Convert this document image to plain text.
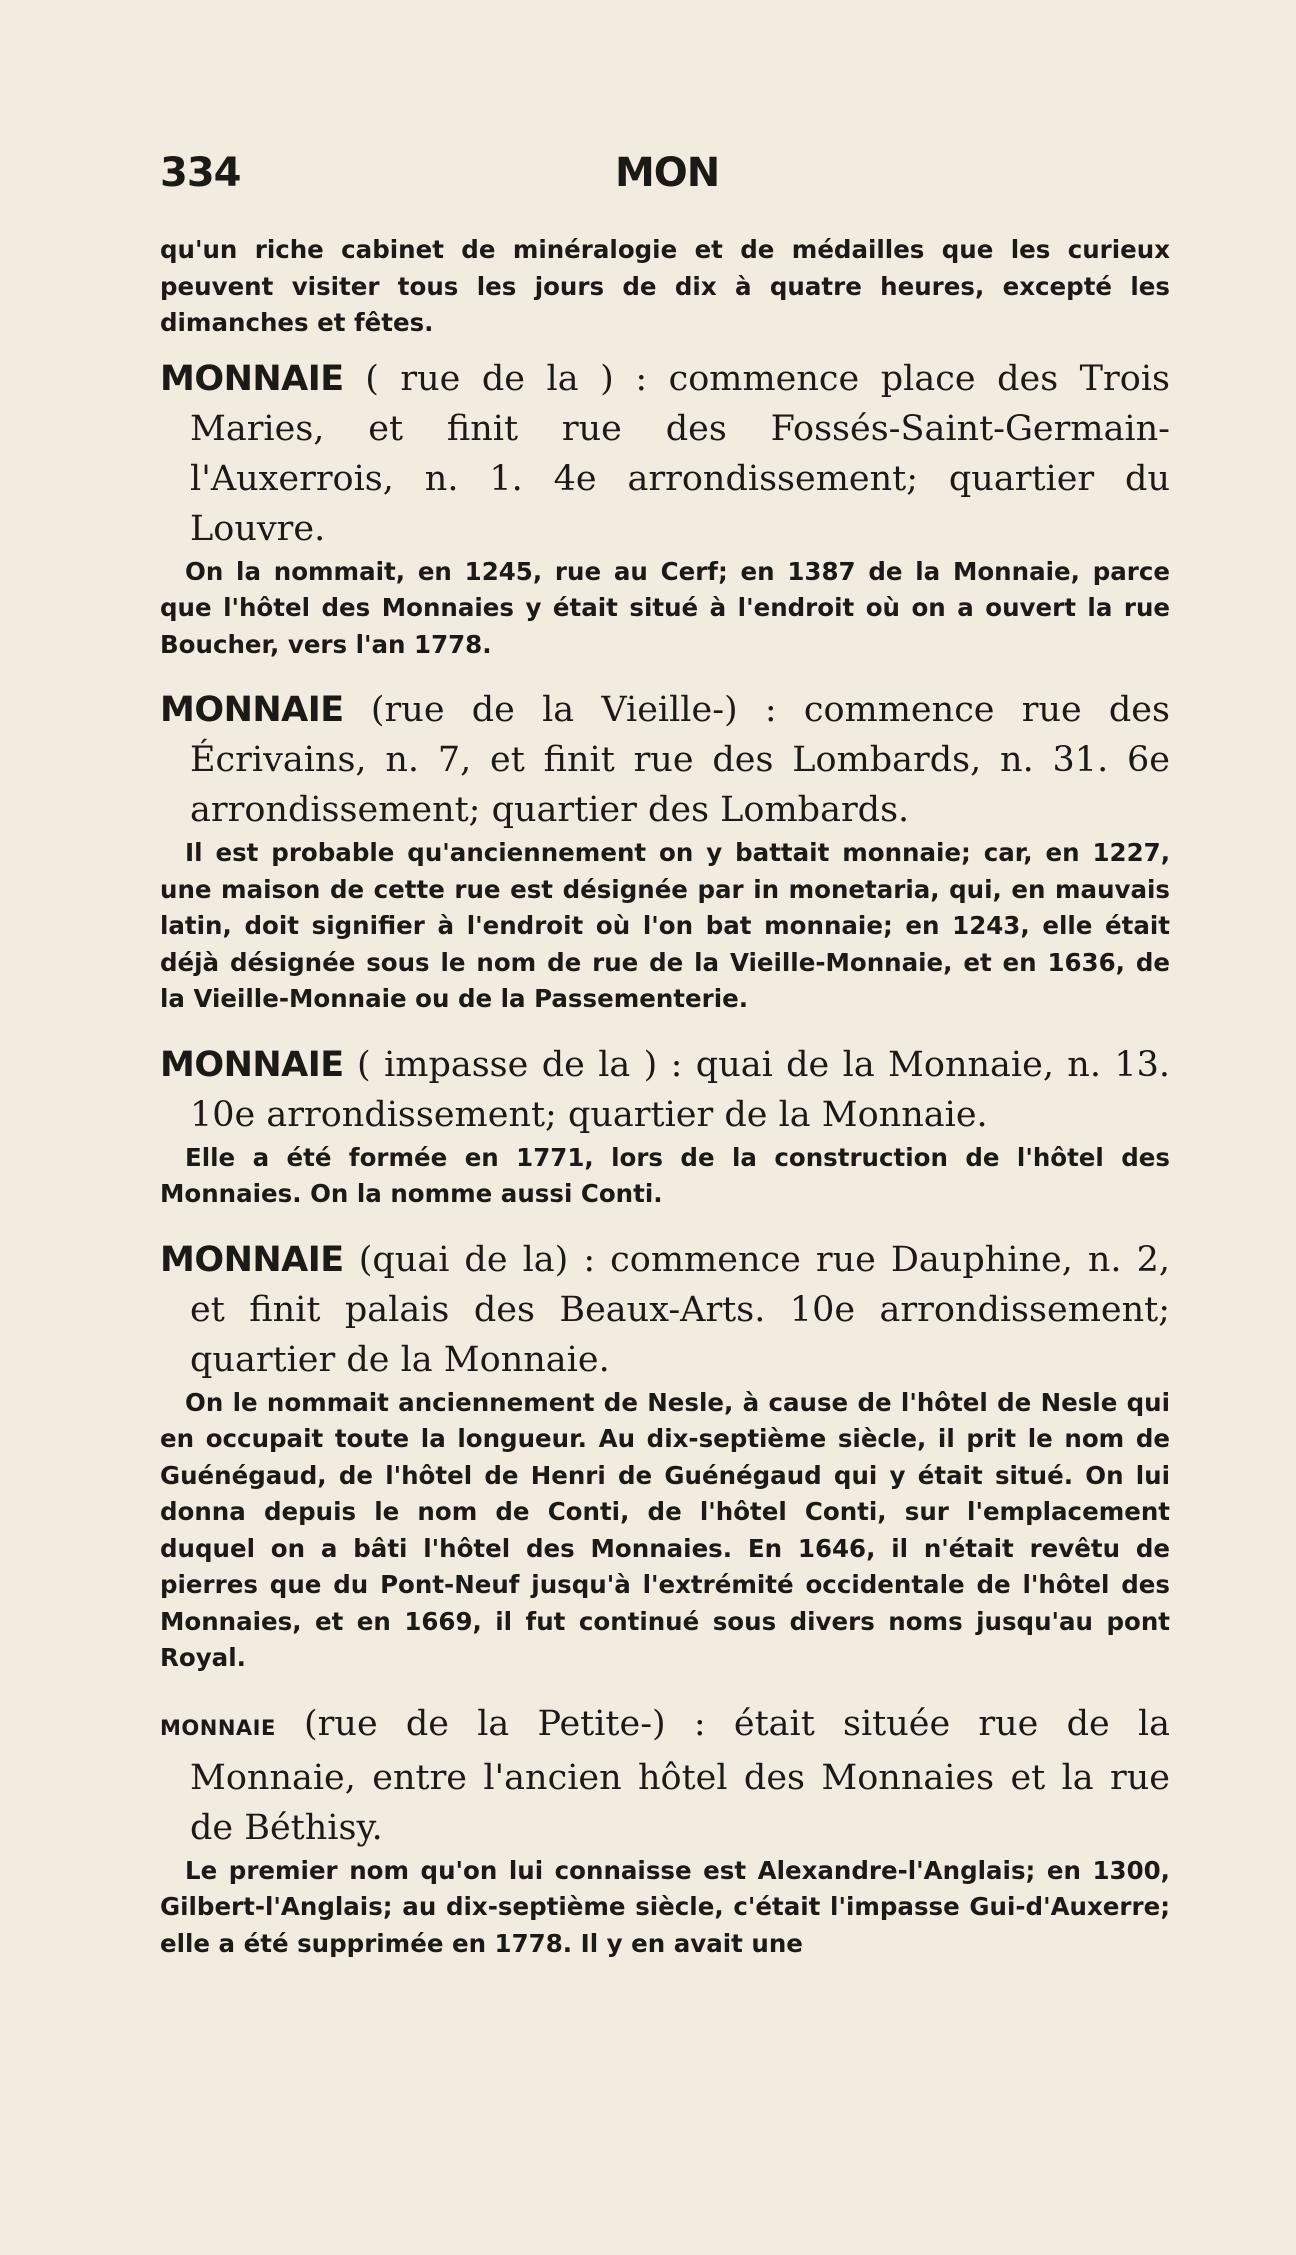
334	MON

qu'un riche cabinet de minéralogie et de médailles que les curieux peuvent visiter tous les jours de dix à quatre heures, excepté les dimanches et fêtes.

MONNAIE ( rue de la ) : commence place des Trois Maries, et finit rue des Fossés-Saint-Germain-l'Auxerrois, n. 1. 4e arrondissement; quartier du Louvre.

On la nommait, en 1245, rue au Cerf; en 1387 de la Monnaie, parce que l'hôtel des Monnaies y était situé à l'endroit où on a ouvert la rue Boucher, vers l'an 1778.

MONNAIE (rue de la Vieille-) : commence rue des Écrivains, n. 7, et finit rue des Lombards, n. 31. 6e arrondissement; quartier des Lombards.

Il est probable qu'anciennement on y battait monnaie; car, en 1227, une maison de cette rue est désignée par in monetaria, qui, en mauvais latin, doit signifier à l'endroit où l'on bat monnaie; en 1243, elle était déjà désignée sous le nom de rue de la Vieille-Monnaie, et en 1636, de la Vieille-Monnaie ou de la Passementerie.

MONNAIE ( impasse de la ) : quai de la Monnaie, n. 13. 10e arrondissement; quartier de la Monnaie.

Elle a été formée en 1771, lors de la construction de l'hôtel des Monnaies. On la nomme aussi Conti.

MONNAIE (quai de la) : commence rue Dauphine, n. 2, et finit palais des Beaux-Arts. 10e arrondissement; quartier de la Monnaie.

On le nommait anciennement de Nesle, à cause de l'hôtel de Nesle qui en occupait toute la longueur. Au dix-septième siècle, il prit le nom de Guénégaud, de l'hôtel de Henri de Guénégaud qui y était situé. On lui donna depuis le nom de Conti, de l'hôtel Conti, sur l'emplacement duquel on a bâti l'hôtel des Monnaies. En 1646, il n'était revêtu de pierres que du Pont-Neuf jusqu'à l'extrémité occidentale de l'hôtel des Monnaies, et en 1669, il fut continué sous divers noms jusqu'au pont Royal.

MONNAIE (rue de la Petite-) : était située rue de la Monnaie, entre l'ancien hôtel des Monnaies et la rue de Béthisy.

Le premier nom qu'on lui connaisse est Alexandre-l'Anglais; en 1300, Gilbert-l'Anglais; au dix-septième siècle, c'était l'impasse Gui-d'Auxerre; elle a été supprimée en 1778. Il y en avait une
